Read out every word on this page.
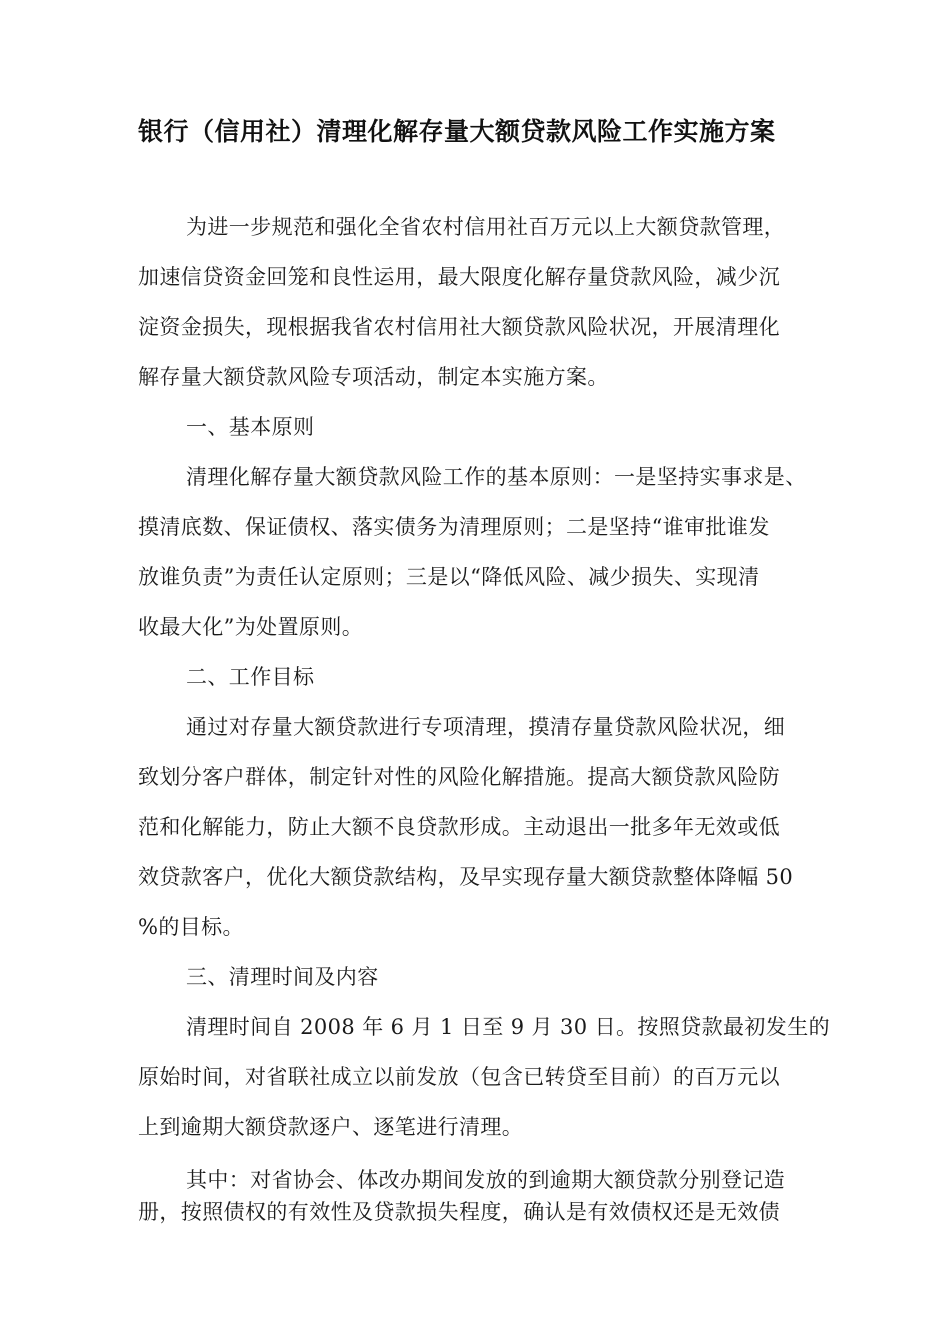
银行（信用社）清理化解存量大额贷款风险工作实施方案
为进一步规范和强化全省农村信用社百万元以上大额贷款管理，
加速信贷资金回笼和良性运用，最大限度化解存量贷款风险，减少沉
淀资金损失，现根据我省农村信用社大额贷款风险状况，开展清理化
解存量大额贷款风险专项活动，制定本实施方案。
一、基本原则
清理化解存量大额贷款风险工作的基本原则：一是坚持实事求是、
摸清底数、保证债权、落实债务为清理原则；二是坚持“谁审批谁发
放谁负责”为责任认定原则；三是以“降低风险、减少损失、实现清
收最大化”为处置原则。
二、工作目标
通过对存量大额贷款进行专项清理，摸清存量贷款风险状况，细
致划分客户群体，制定针对性的风险化解措施。提高大额贷款风险防
范和化解能力，防止大额不良贷款形成。主动退出一批多年无效或低
效贷款客户，优化大额贷款结构，及早实现存量大额贷款整体降幅 50
%的目标。
三、清理时间及内容
清理时间自 2008 年 6 月 1 日至 9 月 30 日。按照贷款最初发生的
原始时间，对省联社成立以前发放（包含已转贷至目前）的百万元以
上到逾期大额贷款逐户、逐笔进行清理。
其中：对省协会、体改办期间发放的到逾期大额贷款分别登记造
册，按照债权的有效性及贷款损失程度，确认是有效债权还是无效债
